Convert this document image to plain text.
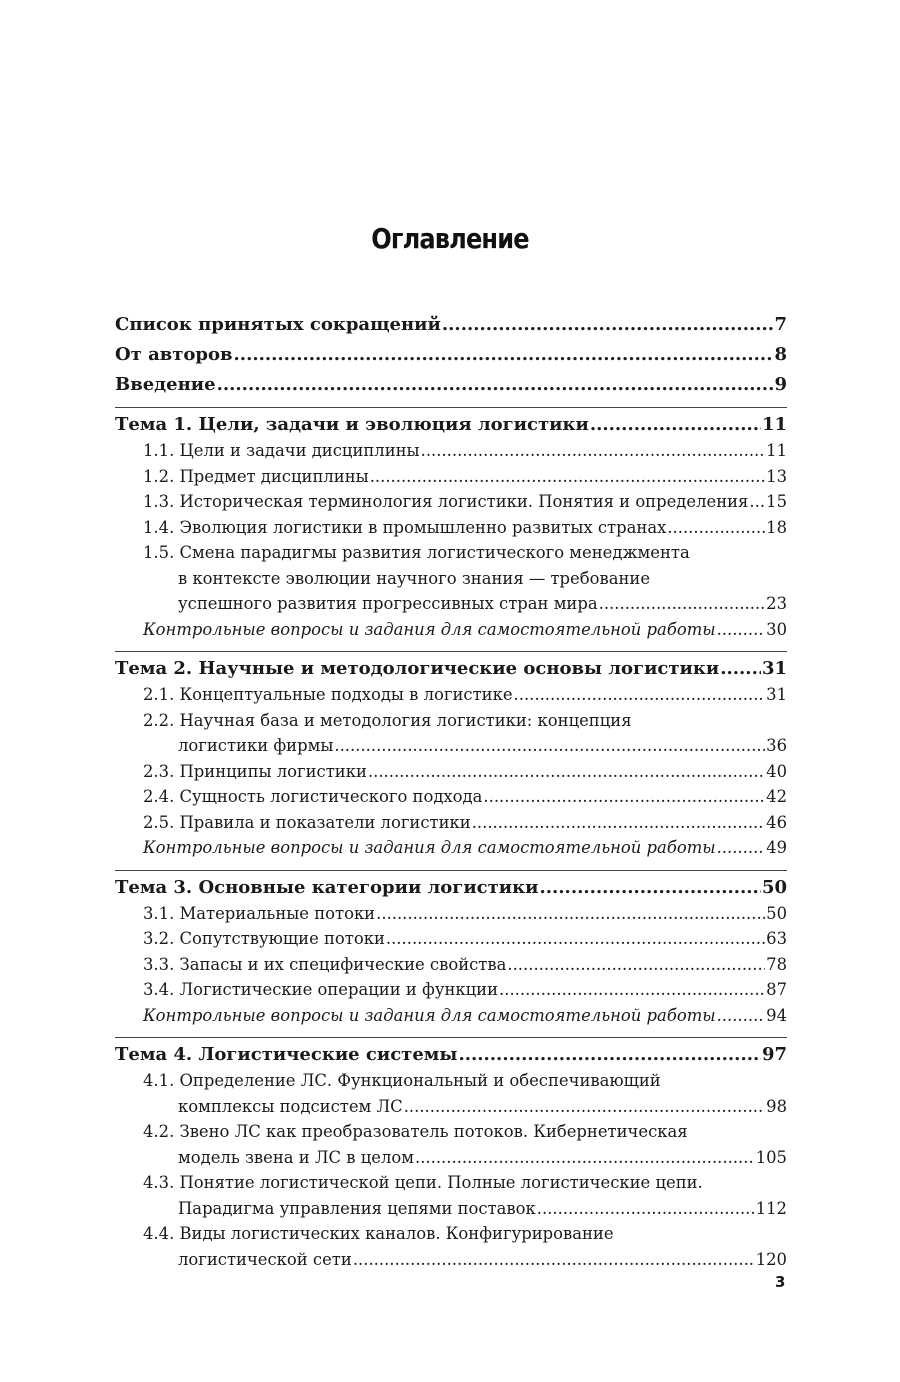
Оглавление
Список принятых сокращений .....	7
От авторов .....	8
Введение .....	9
Тема 1. Цели, задачи и эволюция логистики .....	11
1.1. Цели и задачи дисциплины .....	11
1.2. Предмет дисциплины .....	13
1.3. Историческая терминология логистики. Понятия и определения ..... 15
1.4. Эволюция логистики в промышленно развитых странах .....	18
1.5. Смена парадигмы развития логистического менеджмента
в контексте эволюции научного знания — требование
успешного развития прогрессивных стран мира .....	23
Контрольные вопросы и задания для самостоятельной работы .....	30
Тема 2. Научные и методологические основы логистики ..... 31
2.1. Концептуальные подходы в логистике .....	31
2.2. Научная база и методология логистики: концепция
логистики фирмы .....	36
2.3. Принципы логистики .....	40
2.4. Сущность логистического подхода .....	42
2.5. Правила и показатели логистики .....	46
Контрольные вопросы и задания для самостоятельной работы .....	49
Тема 3. Основные категории логистики .....	50
3.1. Материальные потоки .....	50
3.2. Сопутствующие потоки .....	63
3.3. Запасы и их специфические свойства .....	78
3.4. Логистические операции и функции .....	87
Контрольные вопросы и задания для самостоятельной работы .....	94
Тема 4. Логистические системы .....	97
4.1. Определение ЛС. Функциональный и обеспечивающий
комплексы подсистем ЛС .....	98
4.2. Звено ЛС как преобразователь потоков. Кибернетическая
модель звена и ЛС в целом .....	105
4.3. Понятие логистической цепи. Полные логистические цепи.
Парадигма управления цепями поставок .....	112
4.4. Виды логистических каналов. Конфигурирование
логистической сети .....	120
3
